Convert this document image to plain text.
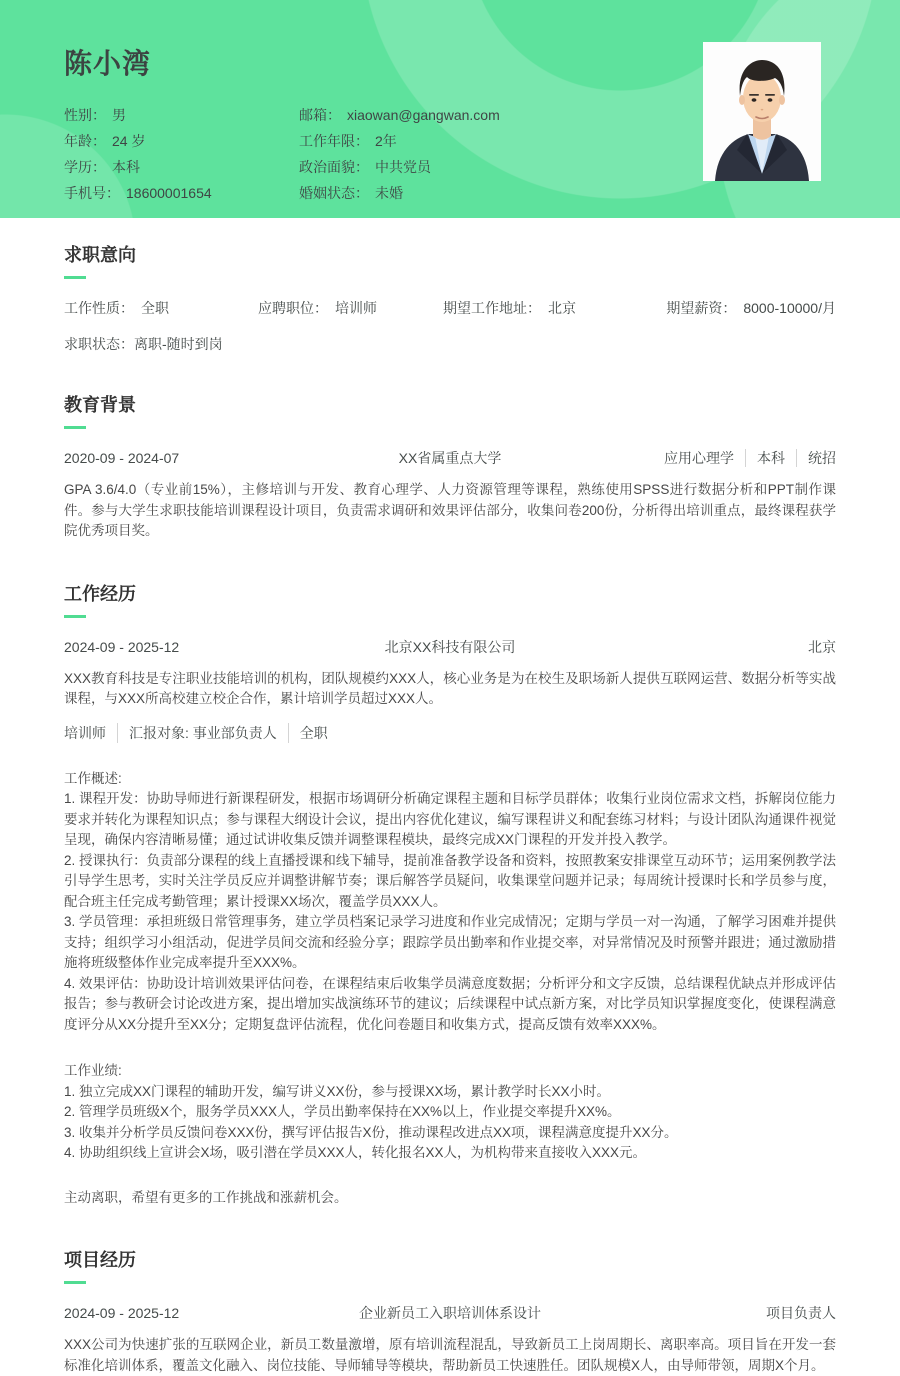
陈小湾
性别： 男
年龄： 24 岁
学历： 本科
手机号： 18600001654
邮箱： xiaowan@gangwan.com
工作年限： 2年
政治面貌： 中共党员
婚姻状态： 未婚
求职意向
工作性质： 全职	应聘职位： 培训师	期望工作地址： 北京	期望薪资： 8000-10000/月
求职状态：离职-随时到岗
教育背景
2020-09 - 2024-07	XX省属重点大学	应用心理学	本科	统招

GPA 3.6/4.0（专业前15%），主修培训与开发、教育心理学、人力资源管理等课程，熟练使用SPSS进行数据分析和PPT制作课件。参与大学生求职技能培训课程设计项目，负责需求调研和效果评估部分，收集问卷200份，分析得出培训重点，最终课程获学院优秀项目奖。

工作经历
2024-09 - 2025-12	北京XX科技有限公司	北京

XXX教育科技是专注职业技能培训的机构，团队规模约XXX人，核心业务是为在校生及职场新人提供互联网运营、数据分析等实战课程，与XXX所高校建立校企合作，累计培训学员超过XXX人。

培训师	汇报对象: 事业部负责人	全职

工作概述:

1. 课程开发：协助导师进行新课程研发，根据市场调研分析确定课程主题和目标学员群体；收集行业岗位需求文档，拆解岗位能力要求并转化为课程知识点；参与课程大纲设计会议，提出内容优化建议，编写课程讲义和配套练习材料；与设计团队沟通课件视觉呈现，确保内容清晰易懂；通过试讲收集反馈并调整课程模块，最终完成XX门课程的开发并投入教学。

2. 授课执行：负责部分课程的线上直播授课和线下辅导，提前准备教学设备和资料，按照教案安排课堂互动环节；运用案例教学法引导学生思考，实时关注学员反应并调整讲解节奏；课后解答学员疑问，收集课堂问题并记录；每周统计授课时长和学员参与度，配合班主任完成考勤管理；累计授课XX场次，覆盖学员XXX人。

3. 学员管理：承担班级日常管理事务，建立学员档案记录学习进度和作业完成情况；定期与学员一对一沟通，了解学习困难并提供支持；组织学习小组活动，促进学员间交流和经验分享；跟踪学员出勤率和作业提交率，对异常情况及时预警并跟进；通过激励措施将班级整体作业完成率提升至XXX%。

4. 效果评估：协助设计培训效果评估问卷，在课程结束后收集学员满意度数据；分析评分和文字反馈，总结课程优缺点并形成评估报告；参与教研会讨论改进方案，提出增加实战演练环节的建议；后续课程中试点新方案，对比学员知识掌握度变化，使课程满意度评分从XX分提升至XX分；定期复盘评估流程，优化问卷题目和收集方式，提高反馈有效率XXX%。

工作业绩:

1. 独立完成XX门课程的辅助开发，编写讲义XX份，参与授课XX场，累计教学时长XX小时。

2. 管理学员班级X个，服务学员XXX人，学员出勤率保持在XX%以上，作业提交率提升XX%。

3. 收集并分析学员反馈问卷XXX份，撰写评估报告X份，推动课程改进点XX项，课程满意度提升XX分。

4. 协助组织线上宣讲会X场，吸引潜在学员XXX人，转化报名XX人，为机构带来直接收入XXX元。

主动离职，希望有更多的工作挑战和涨薪机会。

项目经历
2024-09 - 2025-12	企业新员工入职培训体系设计	项目负责人

XXX公司为快速扩张的互联网企业，新员工数量激增，原有培训流程混乱，导致新员工上岗周期长、离职率高。项目旨在开发一套标准化培训体系，覆盖文化融入、岗位技能、导师辅导等模块，帮助新员工快速胜任。团队规模X人，由导师带领，周期X个月。
